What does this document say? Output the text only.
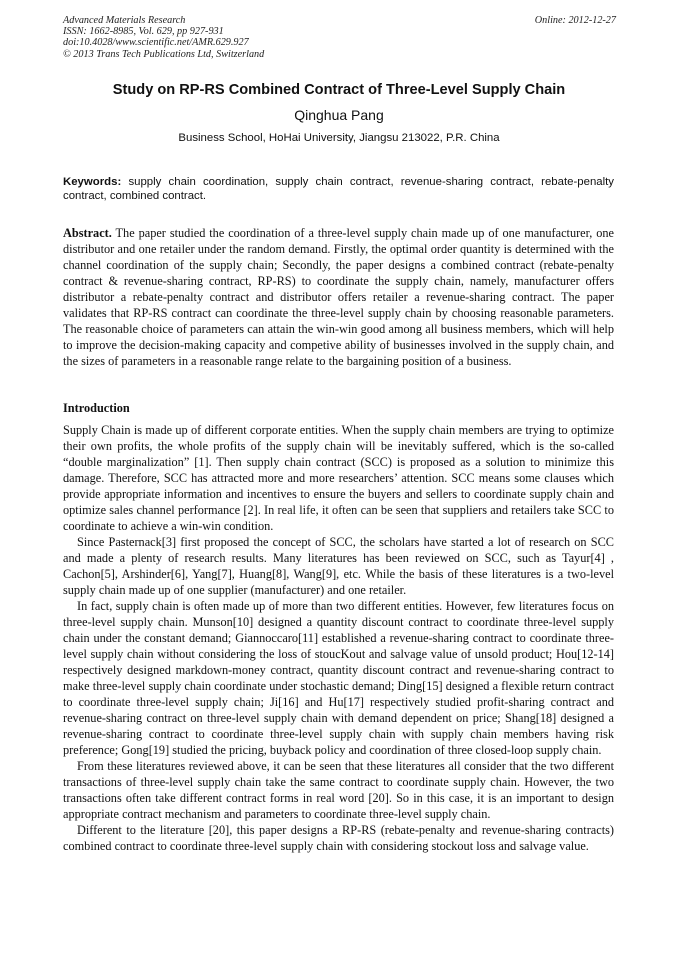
Advanced Materials Research
ISSN: 1662-8985, Vol. 629, pp 927-931
doi:10.4028/www.scientific.net/AMR.629.927
© 2013 Trans Tech Publications Ltd, Switzerland
Online: 2012-12-27
Study on RP-RS Combined Contract of Three-Level Supply Chain
Qinghua Pang
Business School, HoHai University, Jiangsu 213022, P.R. China
Keywords: supply chain coordination, supply chain contract, revenue-sharing contract, rebate-penalty contract, combined contract.
Abstract. The paper studied the coordination of a three-level supply chain made up of one manufacturer, one distributor and one retailer under the random demand. Firstly, the optimal order quantity is determined with the channel coordination of the supply chain; Secondly, the paper designs a combined contract (rebate-penalty contract & revenue-sharing contract, RP-RS) to coordinate the supply chain, namely, manufacturer offers distributor a rebate-penalty contract and distributor offers retailer a revenue-sharing contract. The paper validates that RP-RS contract can coordinate the three-level supply chain by choosing reasonable parameters. The reasonable choice of parameters can attain the win-win good among all business members, which will help to improve the decision-making capacity and competive ability of businesses involved in the supply chain, and the sizes of parameters in a reasonable range relate to the bargaining position of a business.
Introduction

Supply Chain is made up of different corporate entities. When the supply chain members are trying to optimize their own profits, the whole profits of the supply chain will be inevitably suffered, which is the so-called “double marginalization” [1]. Then supply chain contract (SCC) is proposed as a solution to minimize this damage. Therefore, SCC has attracted more and more researchers’ attention. SCC means some clauses which provide appropriate information and incentives to ensure the buyers and sellers to coordinate supply chain and optimize sales channel performance [2]. In real life, it often can be seen that suppliers and retailers take SCC to coordinate to achieve a win-win condition.

Since Pasternack[3] first proposed the concept of SCC, the scholars have started a lot of research on SCC and made a plenty of research results. Many literatures has been reviewed on SCC, such as Tayur[4] , Cachon[5], Arshinder[6], Yang[7], Huang[8], Wang[9], etc. While the basis of these literatures is a two-level supply chain made up of one supplier (manufacturer) and one retailer.

In fact, supply chain is often made up of more than two different entities. However, few literatures focus on three-level supply chain. Munson[10] designed a quantity discount contract to coordinate three-level supply chain under the constant demand; Giannoccaro[11] established a revenue-sharing contract to coordinate three-level supply chain without considering the loss of stoucKout and salvage value of unsold product; Hou[12-14] respectively designed markdown-money contract, quantity discount contract and revenue-sharing contract to make three-level supply chain coordinate under stochastic demand; Ding[15] designed a flexible return contract to coordinate three-level supply chain; Ji[16] and Hu[17] respectively studied profit-sharing contract and revenue-sharing contract on three-level supply chain with demand dependent on price; Shang[18] designed a revenue-sharing contract to coordinate three-level supply chain with supply chain members having risk preference; Gong[19] studied the pricing, buyback policy and coordination of three closed-loop supply chain.

From these literatures reviewed above, it can be seen that these literatures all consider that the two different transactions of three-level supply chain take the same contract to coordinate supply chain. However, the two transactions often take different contract forms in real word [20]. So in this case, it is an important to design appropriate contract mechanism and parameters to coordinate three-level supply chain.

Different to the literature [20], this paper designs a RP-RS (rebate-penalty and revenue-sharing contracts) combined contract to coordinate three-level supply chain with considering stockout loss and salvage value.
